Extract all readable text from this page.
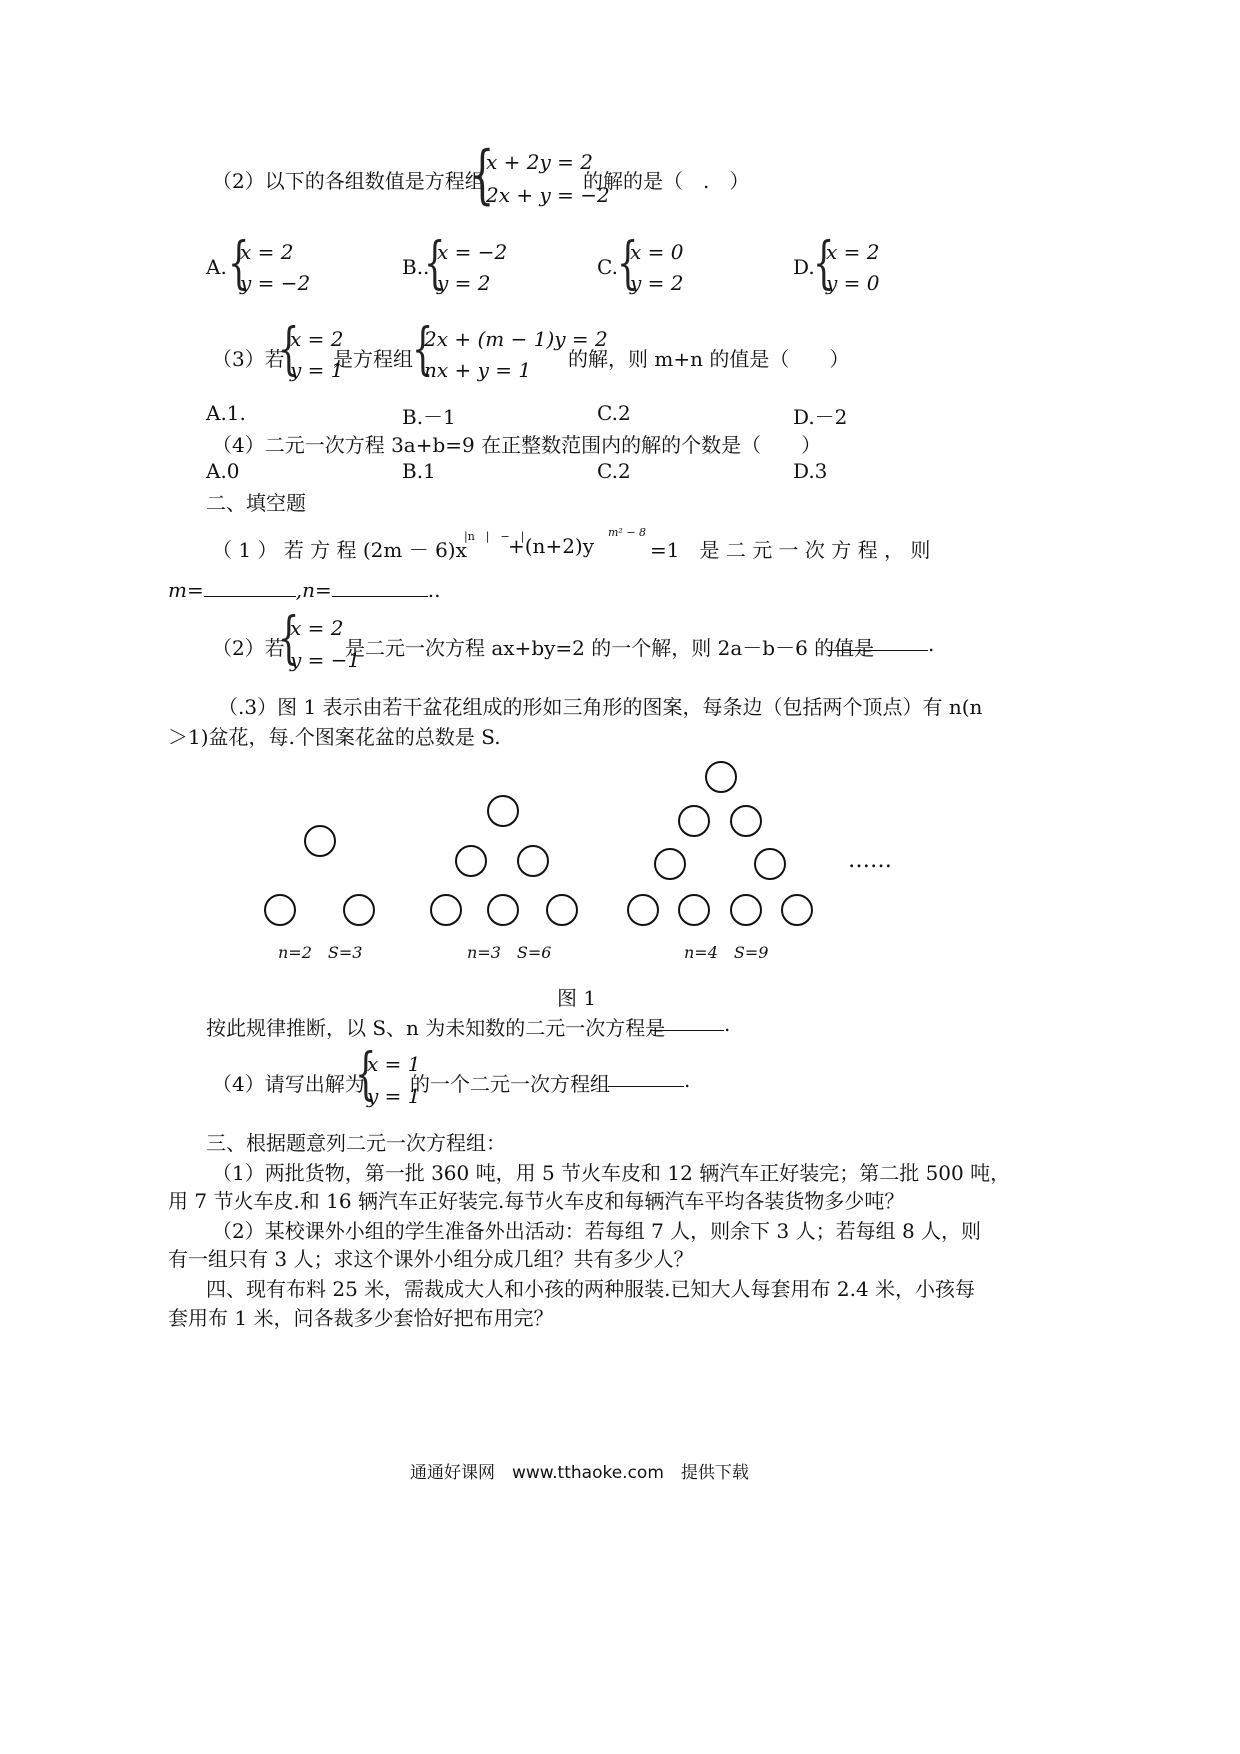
（2）以下的各组数值是方程组
{
x + 2y = 2
2x + y = −2
的解的是（　.　）
A. {
x = 2
y = −2
B..
{
x = −2
y = 2
C. {
x = 0
y = 2
D.
{
x = 2
y = 0
（3）若
{
x = 2
y = 1
是方程组 {
2x + (m − 1)y = 2
nx + y = 1 的解，则 m+n 的值是（　　）
A.1.	B.－1	C.2	D.－2
（4）二元一次方程 3a+b=9 在正整数范围内的解的个数是（　　）
A.0	B.1	C.2	D.3
二、填空题
（ 1 ） 若 方 程 (2m － 6)x
|n　|　−　|
+(n+2)y
m² − 8
=1　是 二 元 一 次 方 程 ， 则
m=	,n=	..
（2）若
{
x = 2
y = −1
是二元一次方程 ax+by=2 的一个解，则 2a－b－6 的值是	.
（.3）图 1 表示由若干盆花组成的形如三角形的图案，每条边（包括两个顶点）有 n(n
＞1)盆花，每.个图案花盆的总数是 S.
……
n=2　S=3	n=3　S=6	n=4　S=9
图 1
按此规律推断，以 S、n 为未知数的二元一次方程是	.
（4）请写出解为
{
x = 1
y = 1
的一个二元一次方程组	.
三、根据题意列二元一次方程组：
（1）两批货物，第一批 360 吨，用 5 节火车皮和 12 辆汽车正好装完；第二批 500 吨，
用 7 节火车皮.和 16 辆汽车正好装完.每节火车皮和每辆汽车平均各装货物多少吨？
（2）某校课外小组的学生准备外出活动：若每组 7 人，则余下 3 人；若每组 8 人，则
有一组只有 3 人；求这个课外小组分成几组？共有多少人？
四、现有布料 25 米，需裁成大人和小孩的两种服装.已知大人每套用布 2.4 米，小孩每
套用布 1 米，问各裁多少套恰好把布用完？
通通好课网　www.tthaoke.com　提供下载
